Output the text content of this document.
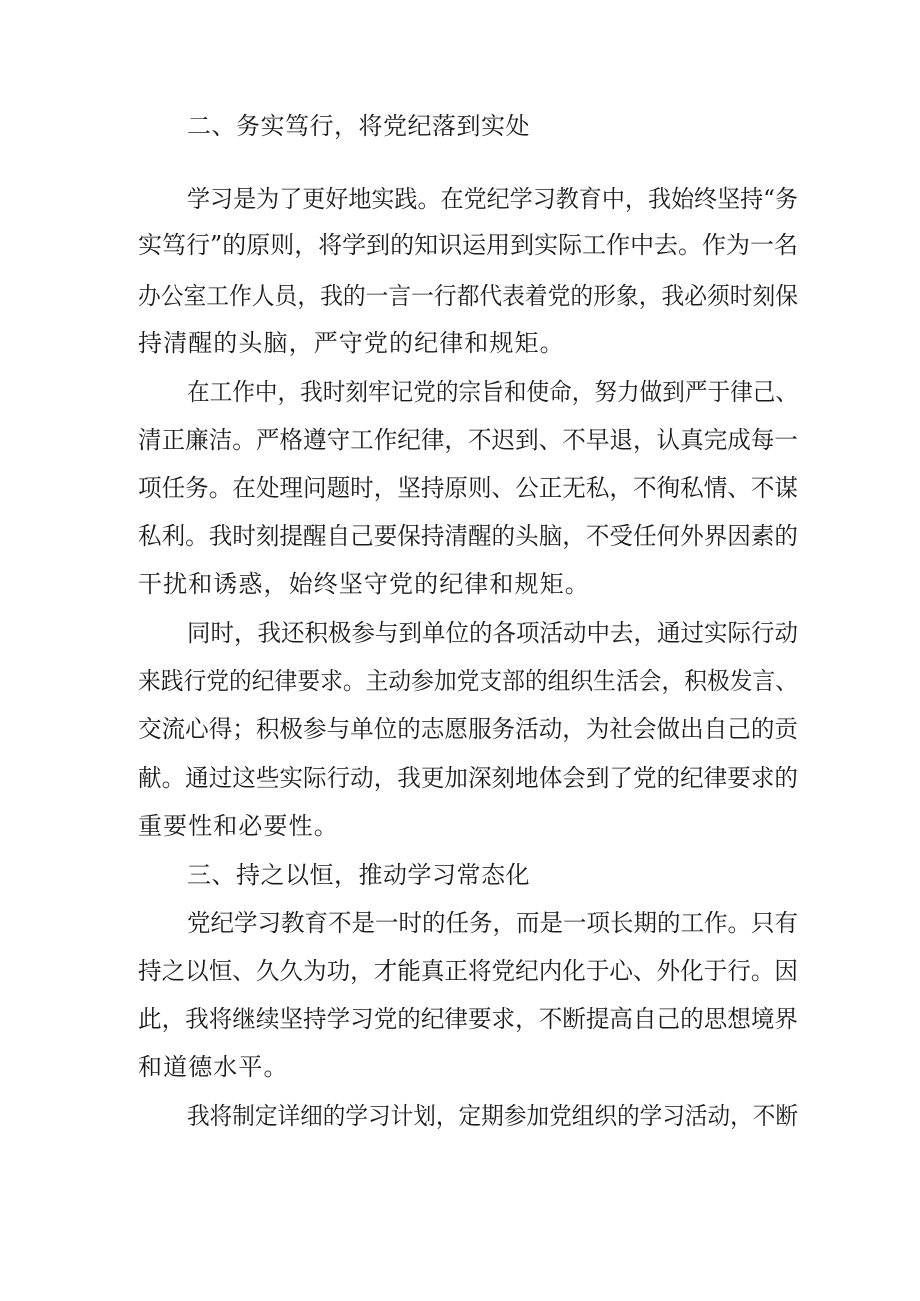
二、务实笃行，将党纪落到实处
学习是为了更好地实践。在党纪学习教育中，我始终坚持“务
实笃行”的原则，将学到的知识运用到实际工作中去。作为一名
办公室工作人员，我的一言一行都代表着党的形象，我必须时刻保
持清醒的头脑，严守党的纪律和规矩。
在工作中，我时刻牢记党的宗旨和使命，努力做到严于律己、
清正廉洁。严格遵守工作纪律，不迟到、不早退，认真完成每一
项任务。在处理问题时，坚持原则、公正无私，不徇私情、不谋
私利。我时刻提醒自己要保持清醒的头脑，不受任何外界因素的
干扰和诱惑，始终坚守党的纪律和规矩。
同时，我还积极参与到单位的各项活动中去，通过实际行动
来践行党的纪律要求。主动参加党支部的组织生活会，积极发言、
交流心得；积极参与单位的志愿服务活动，为社会做出自己的贡
献。通过这些实际行动，我更加深刻地体会到了党的纪律要求的
重要性和必要性。
三、持之以恒，推动学习常态化
党纪学习教育不是一时的任务，而是一项长期的工作。只有
持之以恒、久久为功，才能真正将党纪内化于心、外化于行。因
此，我将继续坚持学习党的纪律要求，不断提高自己的思想境界
和道德水平。
我将制定详细的学习计划，定期参加党组织的学习活动，不断
